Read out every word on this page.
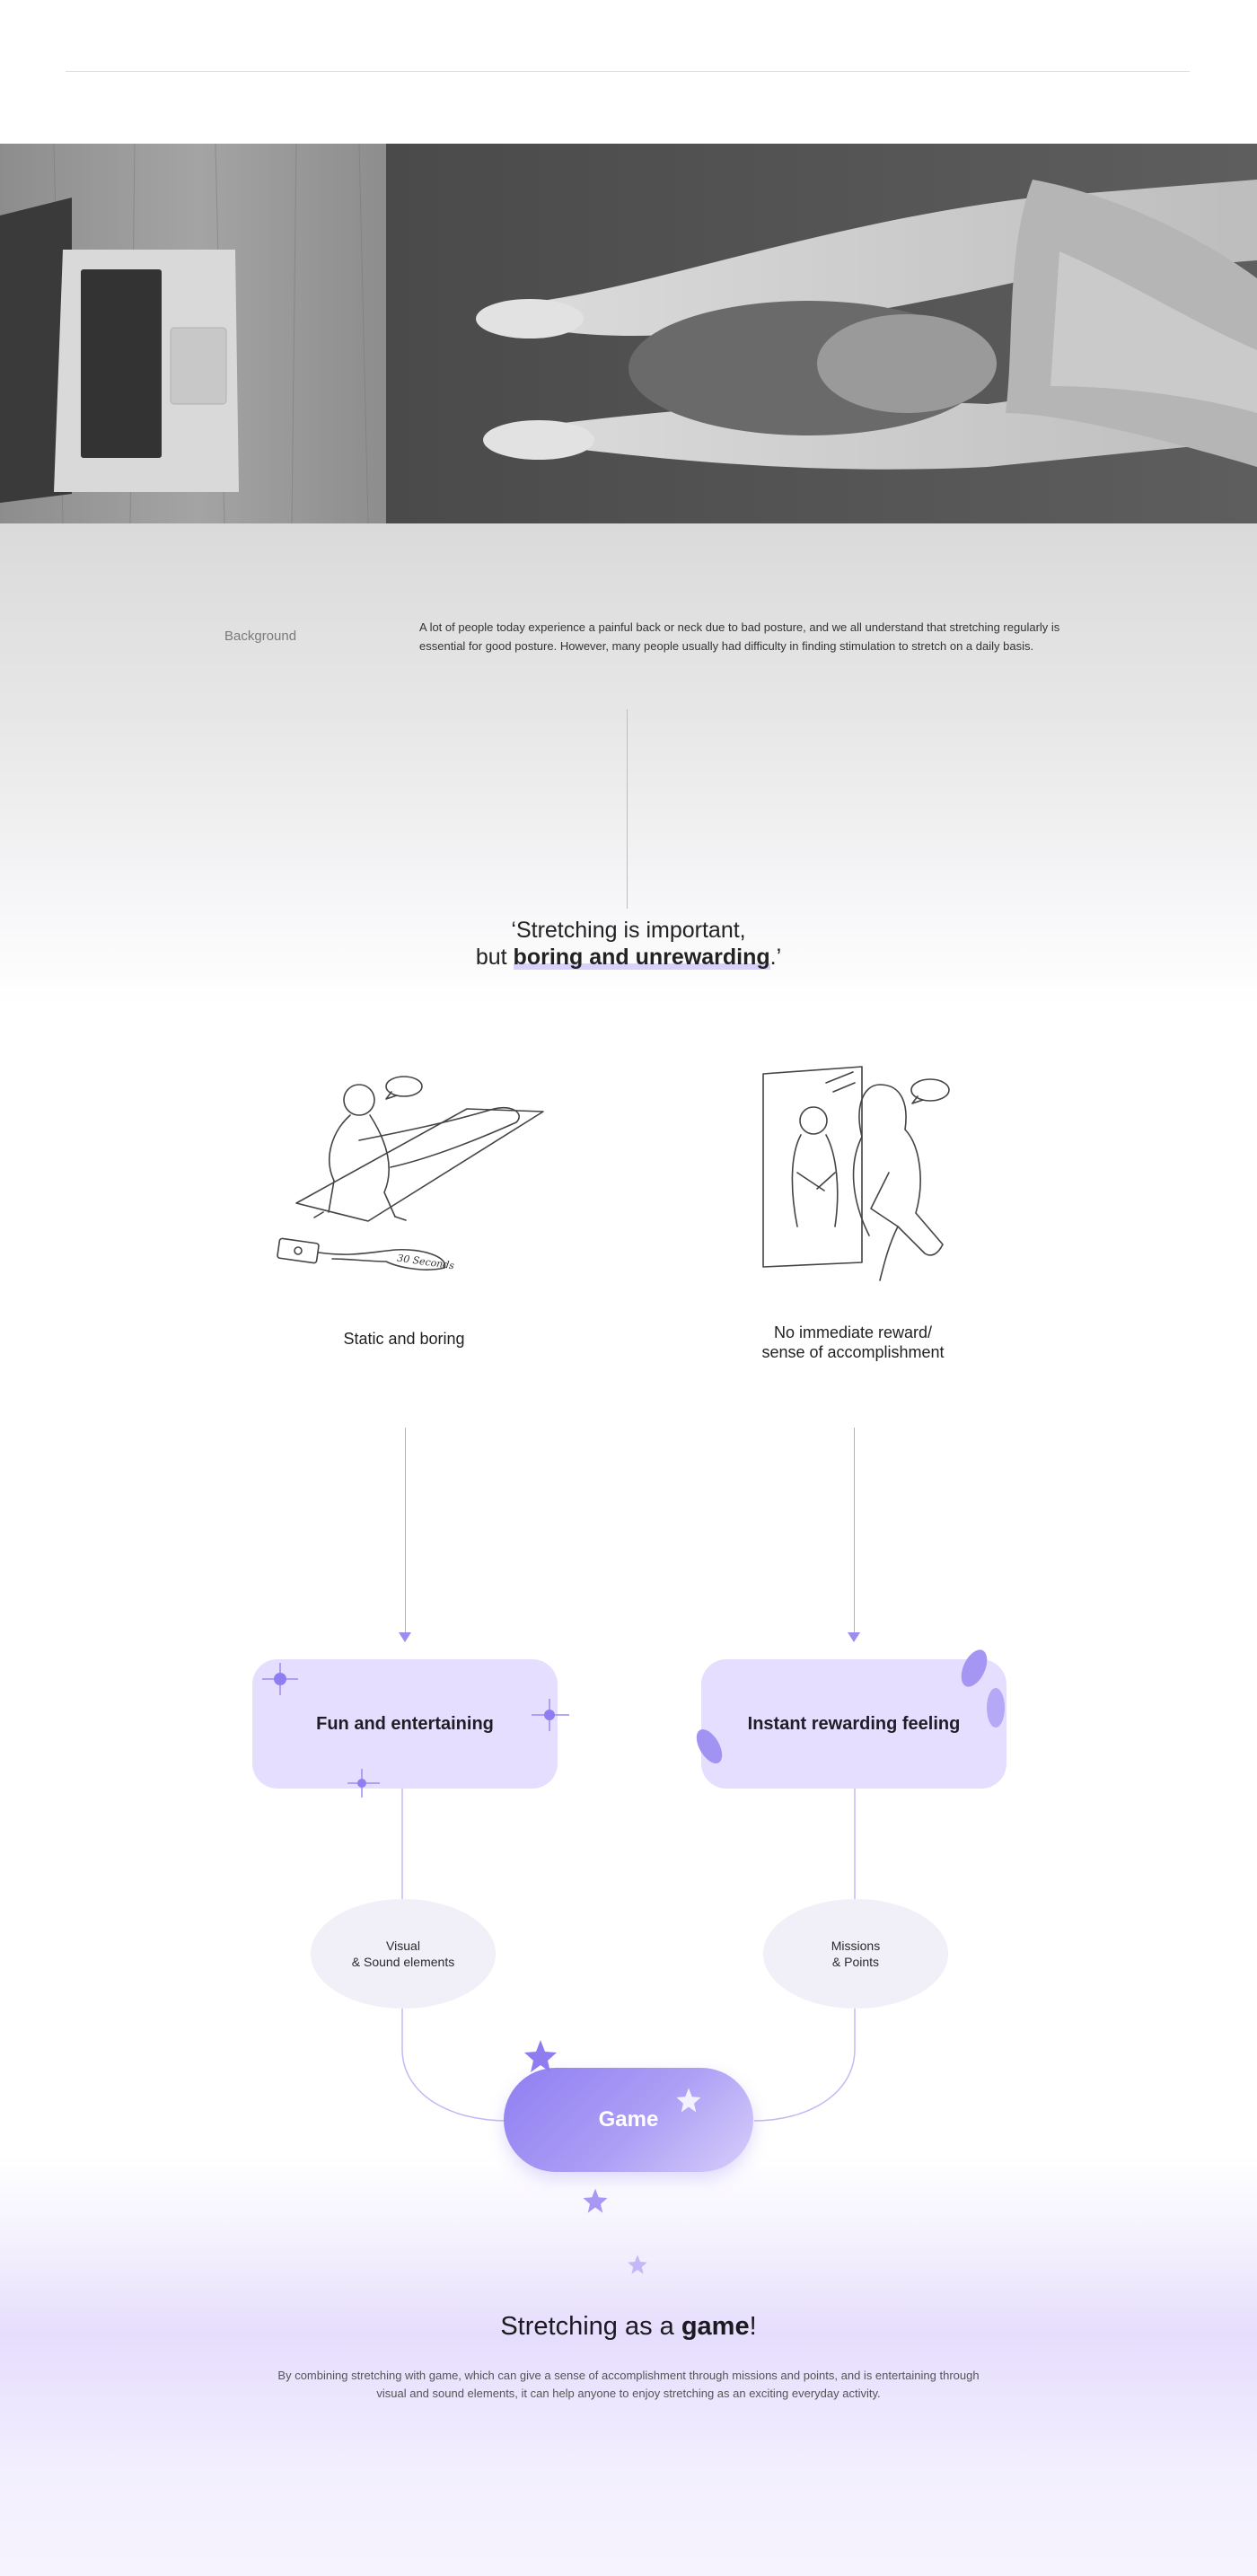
Background
A lot of people today experience a painful back or neck due to bad posture, and we all understand that stretching regularly is essential for good posture. However, many people usually had difficulty in finding stimulation to stretch on a daily basis.
‘Stretching is important,
but boring and unrewarding.’
30 Seconds
Static and boring	No immediate reward/
sense of accomplishment
Fun and entertaining	Instant rewarding feeling
Visual
& Sound elements
Missions
& Points
Game
Stretching as a game!
By combining stretching with game, which can give a sense of accomplishment through missions and points, and is entertaining through visual and sound elements, it can help anyone to enjoy stretching as an exciting everyday activity.
